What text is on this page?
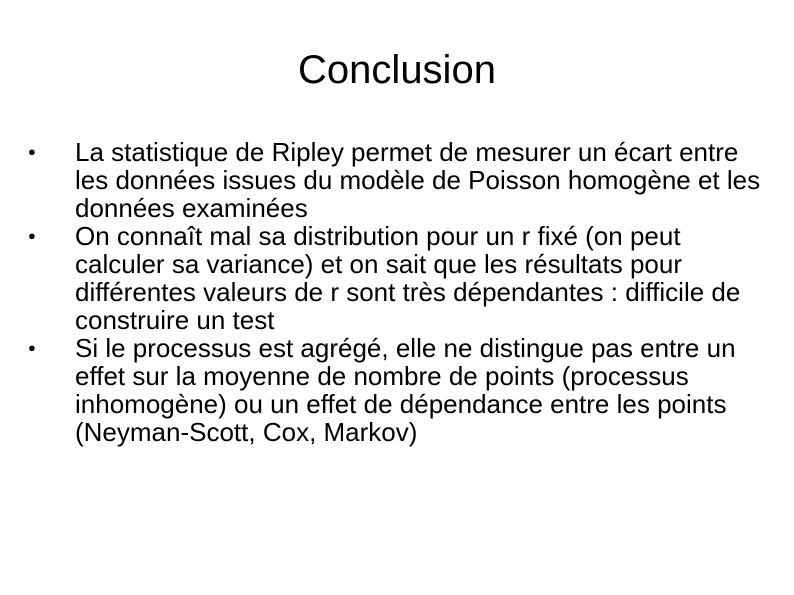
Conclusion
● La statistique de Ripley permet de mesurer un écart entre les données issues du modèle de Poisson homogène et les données examinées
● On connaît mal sa distribution pour un r fixé (on peut calculer sa variance) et on sait que les résultats pour différentes valeurs de r sont très dépendantes : difficile de construire un test
● Si le processus est agrégé, elle ne distingue pas entre un effet sur la moyenne de nombre de points (processus inhomogène) ou un effet de dépendance entre les points (Neyman-Scott, Cox, Markov)
